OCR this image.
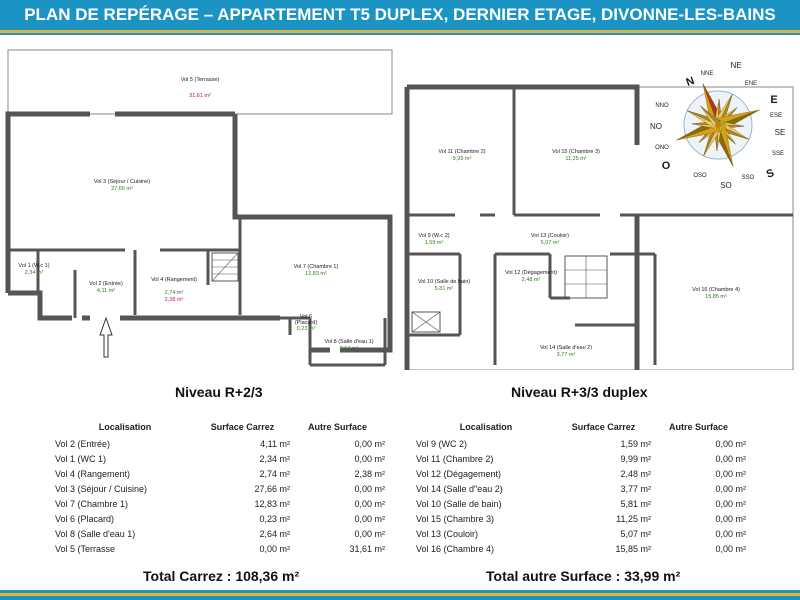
PLAN DE REPÉRAGE – APPARTEMENT T5 DUPLEX, DERNIER ETAGE, DIVONNE-LES-BAINS
Vol 5 (Terrasse)
31,61 m²
Vol 3 (Séjour / Cuisine)
27,66 m²
Vol 1 (W.c 1)
2,34 m²
Vol 2 (Entrée)
4,11 m²
Vol 4 (Rangement)
2,74 m²
2,38 m²
Vol 7 (Chambre 1)
12,83 m²
Vol 6
(Placard)
0,23 m²
Vol 8 (Salle d'eau 1)
2,64 m²
Vol 11 (Chambre 2)
9,99 m²
Vol 15 (Chambre 3)
11,25 m²
Vol 9 (W.c 2)
1,59 m²
Vol 13 (Couloir)
5,07 m²
Vol 12 (Dégagement)
2,48 m²
Vol 10 (Salle de bain)
5,81 m²	Vol 16 (Chambre 4)
15,85 m²
Vol 14 (Salle d'eau 2)
3,77 m²
N
E
S
O
NNE
NE
ENE
ESE
SE
SSE
SSO
SO
OSO
ONO
NO
NNO
Niveau R+2/3	Niveau R+3/3 duplex
Localisation	Surface Carrez	Autre Surface
Vol 2 (Entrée)	4,11 m²	0,00 m²
Vol 1 (WC 1)	2,34 m²	0,00 m²
Vol 4 (Rangement)	2,74 m²	2,38 m²
Vol 3 (Séjour / Cuisine)	27,66 m²	0,00 m²
Vol 7 (Chambre 1)	12,83 m²	0,00 m²
Vol 6 (Placard)	0,23 m²	0,00 m²
Vol 8 (Salle d'eau 1)	2,64 m²	0,00 m²
Vol 5 (Terrasse	0,00 m²	31,61 m²
Localisation	Surface Carrez	Autre Surface
Vol 9 (WC 2)	1,59 m²	0,00 m²
Vol 11 (Chambre 2)	9,99 m²	0,00 m²
Vol 12 (Dégagement)	2,48 m²	0,00 m²
Vol 14 (Salle d"eau 2)	3,77 m²	0,00 m²
Vol 10 (Salle de bain)	5,81 m²	0,00 m²
Vol 15 (Chambre 3)	11,25 m²	0,00 m²
Vol 13 (Couloir)	5,07 m²	0,00 m²
Vol 16 (Chambre 4)	15,85 m²	0,00 m²
Total Carrez : 108,36 m²	Total autre Surface : 33,99 m²
